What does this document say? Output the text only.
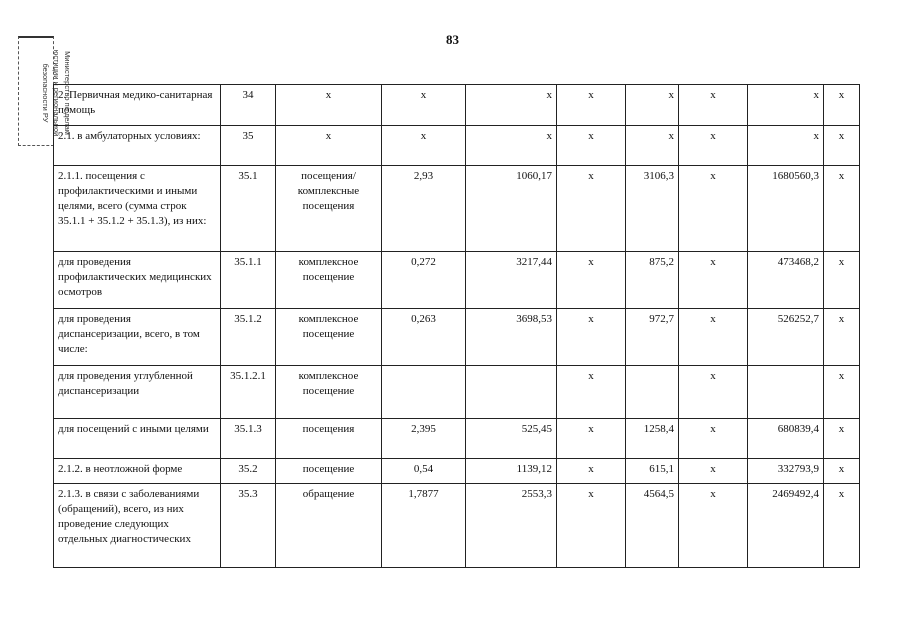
83
Министерство по делам
юстиции и региональной
безопасности РУ 2. Первичная медико-санитарная помощь	34	x	x	x	x	x	x	x	x
2.1. в амбулаторных условиях:	35	x	x	x	x	x	x	x	x
2.1.1. посещения с профилактическими и иными целями, всего (сумма строк 35.1.1 + 35.1.2 + 35.1.3), из них:	35.1	посещения/ комплексные посещения	2,93	1060,17	x	3106,3	x	1680560,3	x
для проведения профилактических медицинских осмотров	35.1.1	комплексное посещение	0,272	3217,44	x	875,2	x	473468,2	x
для проведения диспансеризации, всего, в том числе:	35.1.2	комплексное посещение	0,263	3698,53	x	972,7	x	526252,7	x
для проведения углубленной диспансеризации	35.1.2.1	комплексное посещение			x		x		x
для посещений с иными целями	35.1.3	посещения	2,395	525,45	x	1258,4	x	680839,4	x
2.1.2. в неотложной форме	35.2	посещение	0,54	1139,12	x	615,1	x	332793,9	x
2.1.3. в связи с заболеваниями (обращений), всего, из них проведение следующих отдельных диагностических	35.3	обращение	1,7877	2553,3	x	4564,5	x	2469492,4	x
